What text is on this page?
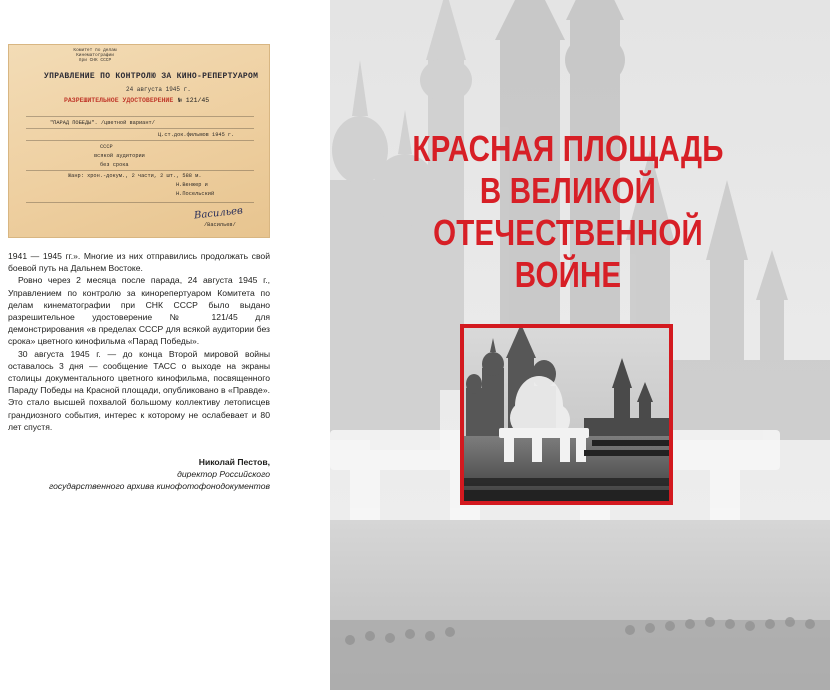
Комитет по делам Кинематографии
при СНК СССР
УПРАВЛЕНИЕ ПО КОНТРОЛЮ ЗА КИНО-РЕПЕРТУАРОМ
24 августа 1945 г.
РАЗРЕШИТЕЛЬНОЕ УДОСТОВЕРЕНИЕ № 121/45
"ПАРАД ПОБЕДЫ". /цветной вариант/
Ц.ст.док.фильмов 1945 г.
СССР
всякой аудитории
без срока
Жанр: хрон.-докум., 2 части, 2 шт., 588 м.
Н.Венжер и
Н.Посельский
Васильев
/Васильев/

1941 — 1945 гг.». Многие из них отправились продолжать свой боевой путь на Дальнем Востоке.

Ровно через 2 месяца после парада, 24 августа 1945 г., Управлением по контролю за кинорепертуаром Комитета по делам кинематографии при СНК СССР было выдано разрешительное удостоверение № 121/45 для демонстрирования «в пределах СССР для всякой аудитории без срока» цветного кинофильма «Парад Победы».

30 августа 1945 г. — до конца Второй мировой войны оставалось 3 дня — сообщение ТАСС о выходе на экраны столицы документального цветного кинофильма, посвященного Параду Победы на Красной площади, опубликовано в «Правде». Это стало высшей похвалой большому коллективу летописцев грандиозного события, интерес к которому не ослабевает и 80 лет спустя.

Николай Пестов,
директор Российского
государственного архива кинофотофонодокументов
КРАСНАЯ ПЛОЩАДЬ
В ВЕЛИКОЙ
ОТЕЧЕСТВЕННОЙ
ВОЙНЕ
